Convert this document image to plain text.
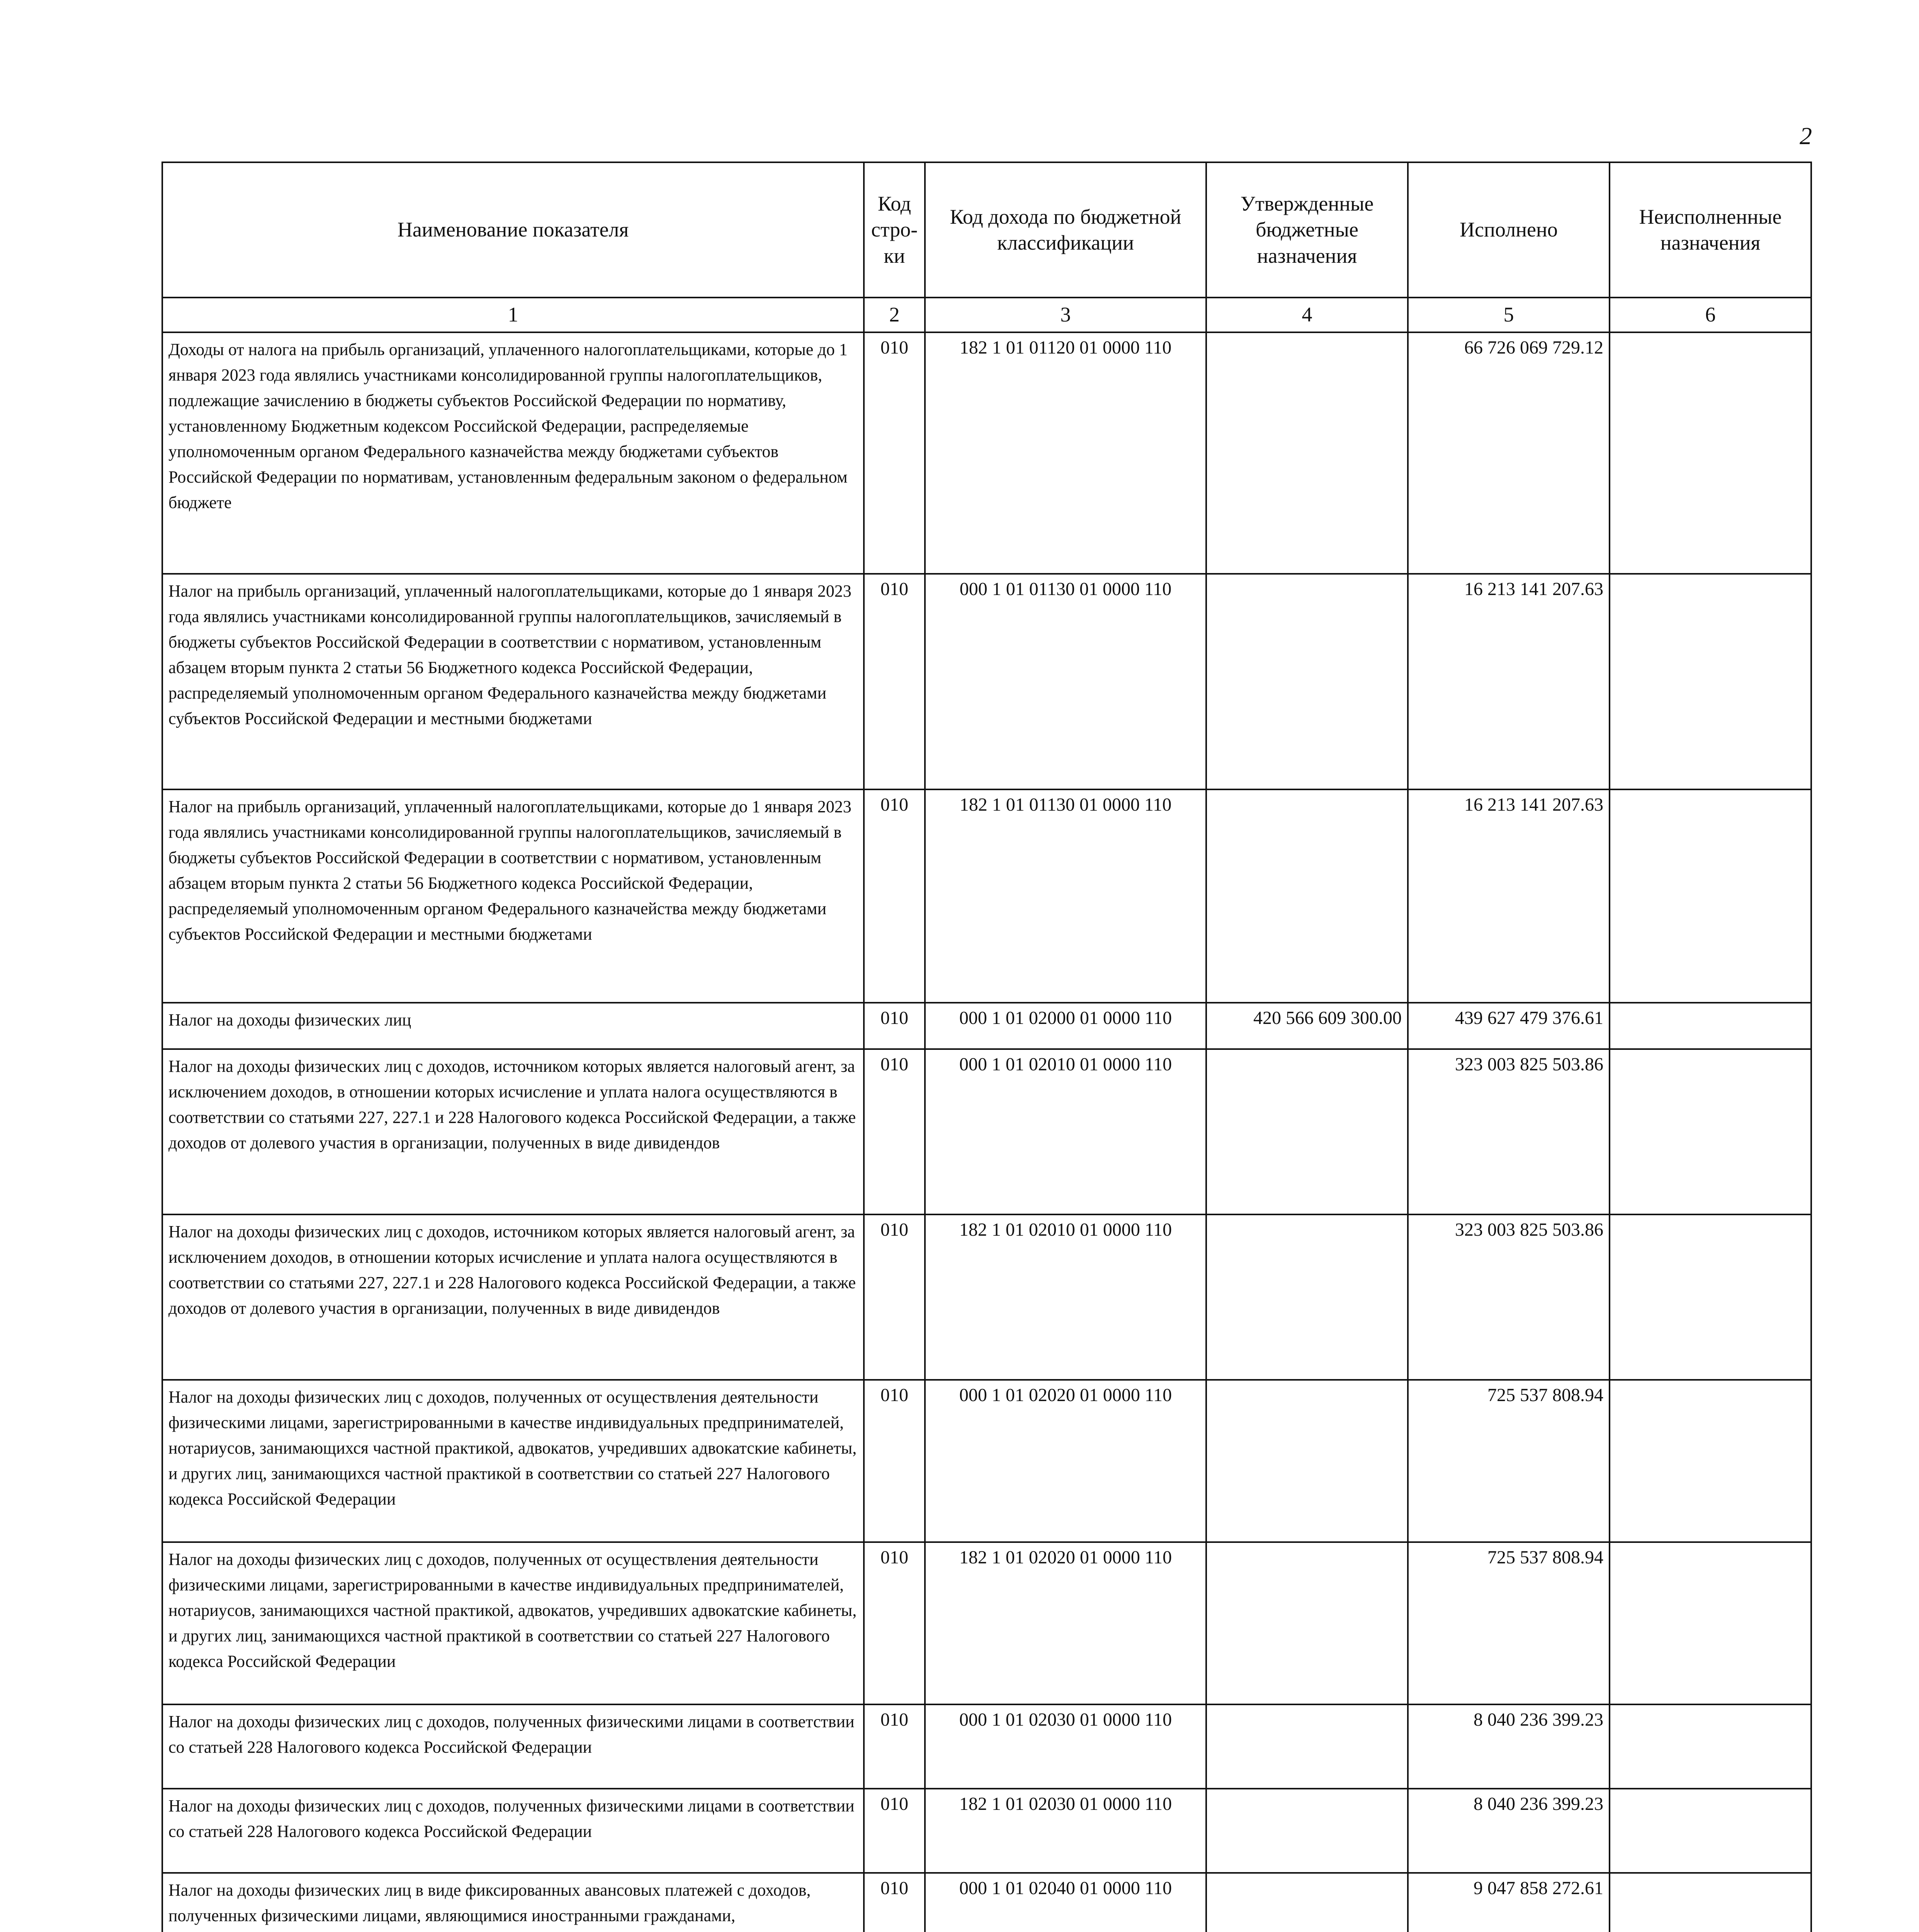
2
Наименование показателя	Код стро-ки	Код дохода по бюджетной классификации	Утвержденные бюджетные назначения	Исполнено	Неисполненные назначения
1	2	3	4	5	6
Доходы от налога на прибыль организаций, уплаченного налогоплательщиками, которые до 1 января 2023 года являлись участниками консолидированной группы налогоплательщиков, подлежащие зачислению в бюджеты субъектов Российской Федерации по нормативу, установленному Бюджетным кодексом Российской Федерации, распределяемые уполномоченным органом Федерального казначейства между бюджетами субъектов Российской Федерации по нормативам, установленным федеральным законом о федеральном бюджете	010	182 1 01 01120 01 0000 110		66 726 069 729.12	
Налог на прибыль организаций, уплаченный налогоплательщиками, которые до 1 января 2023 года являлись участниками консолидированной группы налогоплательщиков, зачисляемый в бюджеты субъектов Российской Федерации в соответствии с нормативом, установленным абзацем вторым пункта 2 статьи 56 Бюджетного кодекса Российской Федерации, распределяемый уполномоченным органом Федерального казначейства между бюджетами субъектов Российской Федерации и местными бюджетами	010	000 1 01 01130 01 0000 110		16 213 141 207.63	
Налог на прибыль организаций, уплаченный налогоплательщиками, которые до 1 января 2023 года являлись участниками консолидированной группы налогоплательщиков, зачисляемый в бюджеты субъектов Российской Федерации в соответствии с нормативом, установленным абзацем вторым пункта 2 статьи 56 Бюджетного кодекса Российской Федерации, распределяемый уполномоченным органом Федерального казначейства между бюджетами субъектов Российской Федерации и местными бюджетами	010	182 1 01 01130 01 0000 110		16 213 141 207.63	
Налог на доходы физических лиц	010	000 1 01 02000 01 0000 110	420 566 609 300.00	439 627 479 376.61	
Налог на доходы физических лиц с доходов, источником которых является налоговый агент, за исключением доходов, в отношении которых исчисление и уплата налога осуществляются в соответствии со статьями 227, 227.1 и 228 Налогового кодекса Российской Федерации, а также доходов от долевого участия в организации, полученных в виде дивидендов	010	000 1 01 02010 01 0000 110		323 003 825 503.86	
Налог на доходы физических лиц с доходов, источником которых является налоговый агент, за исключением доходов, в отношении которых исчисление и уплата налога осуществляются в соответствии со статьями 227, 227.1 и 228 Налогового кодекса Российской Федерации, а также доходов от долевого участия в организации, полученных в виде дивидендов	010	182 1 01 02010 01 0000 110		323 003 825 503.86	
Налог на доходы физических лиц с доходов, полученных от осуществления деятельности физическими лицами, зарегистрированными в качестве индивидуальных предпринимателей, нотариусов, занимающихся частной практикой, адвокатов, учредивших адвокатские кабинеты, и других лиц, занимающихся частной практикой в соответствии со статьей 227 Налогового кодекса Российской Федерации	010	000 1 01 02020 01 0000 110		725 537 808.94	
Налог на доходы физических лиц с доходов, полученных от осуществления деятельности физическими лицами, зарегистрированными в качестве индивидуальных предпринимателей, нотариусов, занимающихся частной практикой, адвокатов, учредивших адвокатские кабинеты, и других лиц, занимающихся частной практикой в соответствии со статьей 227 Налогового кодекса Российской Федерации	010	182 1 01 02020 01 0000 110		725 537 808.94	
Налог на доходы физических лиц с доходов, полученных физическими лицами в соответствии со статьей 228 Налогового кодекса Российской Федерации	010	000 1 01 02030 01 0000 110		8 040 236 399.23	
Налог на доходы физических лиц с доходов, полученных физическими лицами в соответствии со статьей 228 Налогового кодекса Российской Федерации	010	182 1 01 02030 01 0000 110		8 040 236 399.23	
Налог на доходы физических лиц в виде фиксированных авансовых платежей с доходов, полученных физическими лицами, являющимися иностранными гражданами,	010	000 1 01 02040 01 0000 110		9 047 858 272.61	
